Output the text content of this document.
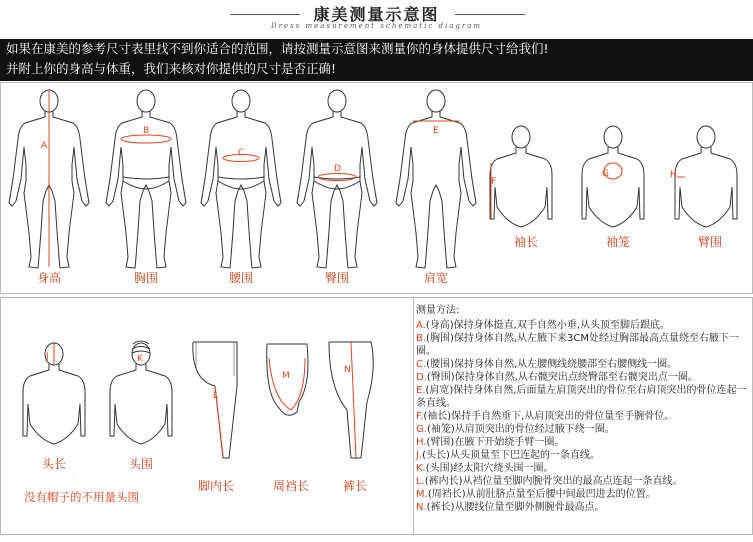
康美测量示意图
Dress measurement schematic diagram
如果在康美的参考尺寸表里找不到你适合的范围，请按测量示意图来测量你的身体提供尺寸给我们!
并附上你的身高与体重，我们来核对你提供的尺寸是否正确!
A
B
C
D
E
F
G	H
身高	胸围	腰围	臀围	肩宽
袖长	袖笼	臂围
J	K
L
M
N
头长	头围
脚内长	周裆长	裤长
没有帽子的不用量头围
测量方法:
A.(身高)保持身体挺直,双手自然小垂,从头顶至脚后跟底。
B.(胸围)保持身体自然,从左腋下来3CM处经过胸部最高点量绕至右腋下一圈。
C.(腰围)保持身体自然,从左腰侧线绕腰部至右腰侧线一圈。
D.(臀围)保持身体自然,从右髋突出点绕臀部至右髋突出点一圈。
E.(肩宽)保持身体自然,后面量左肩顶突出的骨位至右肩顶突出的骨位连起一条直线。
F.(袖长)保持手自然垂下,从肩顶突出的骨位量至手腕骨位。
G.(袖笼)从肩顶突出的骨位经过腋下绕一圈。
H.(臂围)在腋下开始绕手臂一圈。
J.(头长)从头顶量至下巴连起的一条直线。
K.(头围)经太阳穴绕头围一圈。
L.(裤内长)从裆位量至脚内腕骨突出的最高点连起一条直线。
M.(周裆长)从前肚脐点量至后腰中间最凹进去的位置。
N.(裤长)从腰线位量至脚外侧腕骨最高点。
